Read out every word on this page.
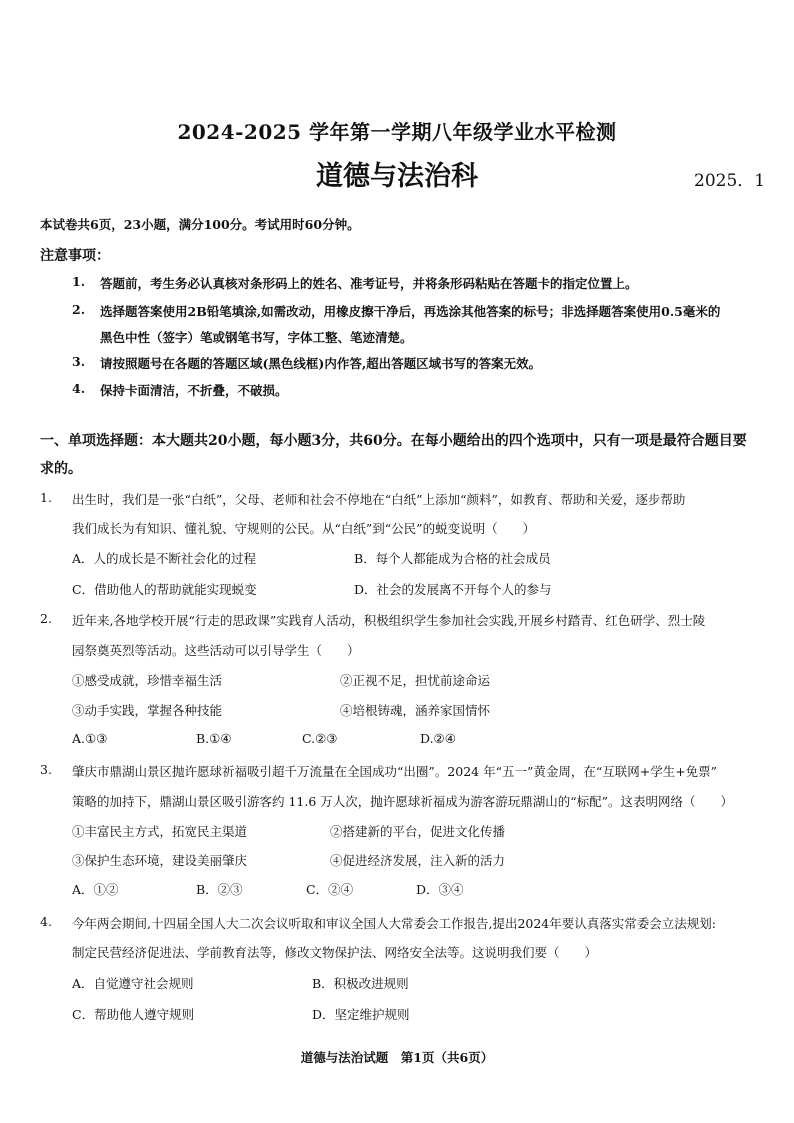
2024-2025 学年第一学期八年级学业水平检测
道德与法治科	2025．1
本试卷共6页，23小题，满分100分。考试用时60分钟。
注意事项：
1. 答题前，考生务必认真核对条形码上的姓名、准考证号，并将条形码粘贴在答题卡的指定位置上。
2. 选择题答案使用2B铅笔填涂,如需改动，用橡皮擦干净后，再选涂其他答案的标号；非选择题答案使用0.5毫米的
黑色中性（签字）笔或钢笔书写，字体工整、笔迹清楚。
3. 请按照题号在各题的答题区域(黑色线框)内作答,超出答题区域书写的答案无效。
4. 保持卡面清洁，不折叠，不破损。
一、单项选择题：本大题共20小题，每小题3分，共60分。在每小题给出的四个选项中，只有一项是最符合题目要
求的。
1. 出生时，我们是一张“白纸”，父母、老师和社会不停地在“白纸”上添加“颜料”，如教育、帮助和关爱，逐步帮助
我们成长为有知识、懂礼貌、守规则的公民。从“白纸”到“公民”的蜕变说明（　　）
A．人的成长是不断社会化的过程	B．每个人都能成为合格的社会成员
C．借助他人的帮助就能实现蜕变	D．社会的发展离不开每个人的参与
2. 近年来,各地学校开展“行走的思政课”实践育人活动，积极组织学生参加社会实践,开展乡村踏青、红色研学、烈士陵
园祭奠英烈等活动。这些活动可以引导学生（　　）
①感受成就，珍惜幸福生活	②正视不足，担忧前途命运
③动手实践，掌握各种技能	④培根铸魂，涵养家国情怀
A.①③	B.①④	C.②③	D.②④
3. 肇庆市鼎湖山景区抛许愿球祈福吸引超千万流量在全国成功“出圈”。2024 年“五一”黄金周，在“互联网+学生+免票”
策略的加持下，鼎湖山景区吸引游客约 11.6 万人次，抛许愿球祈福成为游客游玩鼎湖山的“标配”。这表明网络（　　）
①丰富民主方式，拓宽民主渠道	②搭建新的平台，促进文化传播
③保护生态环境，建设美丽肇庆	④促进经济发展，注入新的活力
A．①②	B．②③	C．②④	D．③④
4. 今年两会期间,十四届全国人大二次会议听取和审议全国人大常委会工作报告,提出2024年要认真落实常委会立法规划:
制定民营经济促进法、学前教育法等，修改文物保护法、网络安全法等。这说明我们要（　　）
A．自觉遵守社会规则	B．积极改进规则
C．帮助他人遵守规则	D．坚定维护规则
道德与法治试题　第1页（共6页）
